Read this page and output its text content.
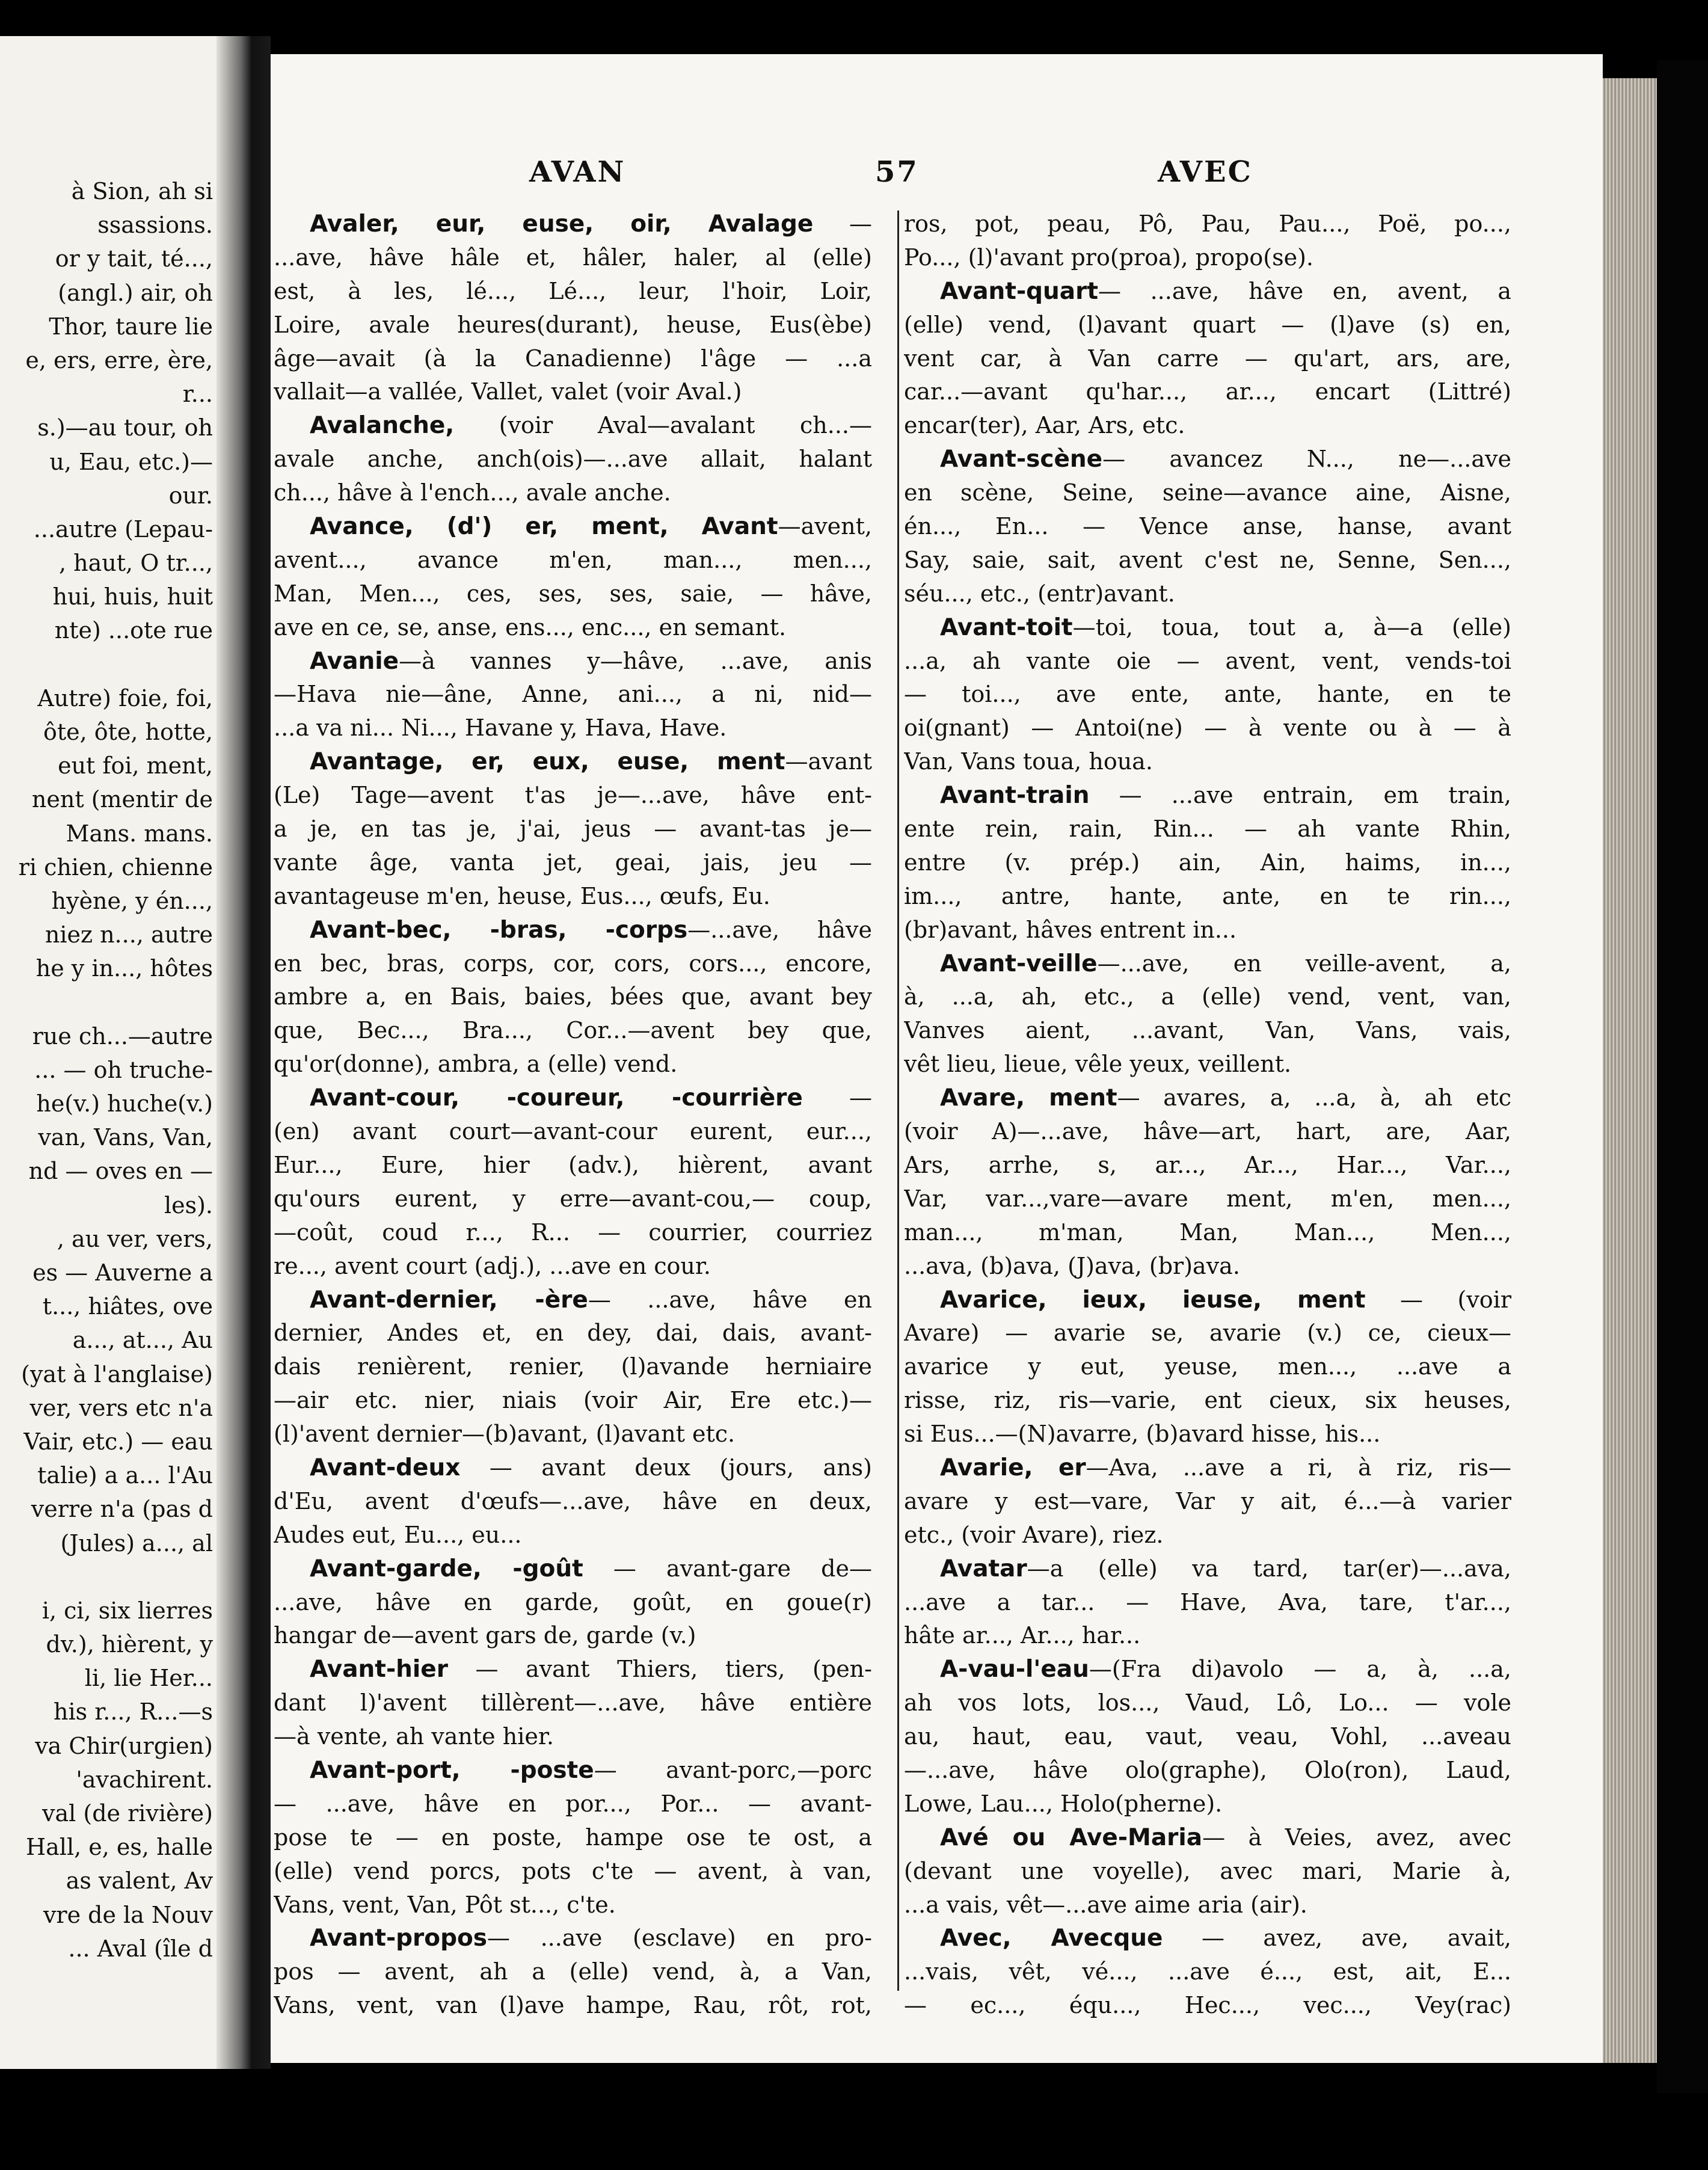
à Sion, ah si
ssassions.
or y tait, té...,
(angl.) air, oh
Thor, taure lie
e, ers, erre, ère,
r...
s.)—au tour, oh
u, Eau, etc.)—
our.
...autre (Lepau-
, haut, O tr...,
hui, huis, huit
nte) ...ote rue
Autre) foie, foi,
ôte, ôte, hotte,
eut foi, ment,
nent (mentir de
Mans. mans.
ri chien, chienne
hyène, y én...,
niez n..., autre
he y in..., hôtes
rue ch...—autre
... — oh truche-
he(v.) huche(v.)
van, Vans, Van,
nd — oves en —
les).
, au ver, vers,
es — Auverne a
t..., hiâtes, ove
a..., at..., Au
(yat à l'anglaise)
ver, vers etc n'a
Vair, etc.) — eau
talie) a a... l'Au
verre n'a (pas d
(Jules) a..., al
i, ci, six lierres
dv.), hièrent, y
li, lie Her...
his r..., R...—s
va Chir(urgien)
'avachirent.
val (de rivière)
Hall, e, es, halle
as valent, Av
vre de la Nouv
... Aval (île d
AVAN	57	AVEC
Avaler, eur, euse, oir, Avalage —
...ave, hâve hâle et, hâler, haler, al (elle)
est, à les, lé..., Lé..., leur, l'hoir, Loir,
Loire, avale heures(durant), heuse, Eus(èbe)
âge—avait (à la Canadienne) l'âge — ...a
vallait—a vallée, Vallet, valet (voir Aval.)
Avalanche, (voir Aval—avalant ch...—
avale anche, anch(ois)—...ave allait, halant
ch..., hâve à l'ench..., avale anche.
Avance, (d') er, ment, Avant—avent,
avent..., avance m'en, man..., men...,
Man, Men..., ces, ses, ses, saie, — hâve,
ave en ce, se, anse, ens..., enc..., en semant.
Avanie—à vannes y—hâve, ...ave, anis
—Hava nie—âne, Anne, ani..., a ni, nid—
...a va ni... Ni..., Havane y, Hava, Have.
Avantage, er, eux, euse, ment—avant
(Le) Tage—avent t'as je—...ave, hâve ent-
a je, en tas je, j'ai, jeus — avant-tas je—
vante âge, vanta jet, geai, jais, jeu —
avantageuse m'en, heuse, Eus..., œufs, Eu.
Avant-bec, -bras, -corps—...ave, hâve
en bec, bras, corps, cor, cors, cors..., encore,
ambre a, en Bais, baies, bées que, avant bey
que, Bec..., Bra..., Cor...—avent bey que,
qu'or(donne), ambra, a (elle) vend.
Avant-cour, -coureur, -courrière —
(en) avant court—avant-cour eurent, eur...,
Eur..., Eure, hier (adv.), hièrent, avant
qu'ours eurent, y erre—avant-cou,— coup,
—coût, coud r..., R... — courrier, courriez
re..., avent court (adj.), ...ave en cour.
Avant-dernier, -ère— ...ave, hâve en
dernier, Andes et, en dey, dai, dais, avant-
dais renièrent, renier, (l)avande herniaire
—air etc. nier, niais (voir Air, Ere etc.)—
(l)'avent dernier—(b)avant, (l)avant etc.
Avant-deux — avant deux (jours, ans)
d'Eu, avent d'œufs—...ave, hâve en deux,
Audes eut, Eu..., eu...
Avant-garde, -goût — avant-gare de—
...ave, hâve en garde, goût, en goue(r)
hangar de—avent gars de, garde (v.)
Avant-hier — avant Thiers, tiers, (pen-
dant l)'avent tillèrent—...ave, hâve entière
—à vente, ah vante hier.
Avant-port, -poste— avant-porc,—porc
— ...ave, hâve en por..., Por... — avant-
pose te — en poste, hampe ose te ost, a
(elle) vend porcs, pots c'te — avent, à van,
Vans, vent, Van, Pôt st..., c'te.
Avant-propos— ...ave (esclave) en pro-
pos — avent, ah a (elle) vend, à, a Van,
Vans, vent, van (l)ave hampe, Rau, rôt, rot,
ros, pot, peau, Pô, Pau, Pau..., Poë, po...,
Po..., (l)'avant pro(proa), propo(se).
Avant-quart— ...ave, hâve en, avent, a
(elle) vend, (l)avant quart — (l)ave (s) en,
vent car, à Van carre — qu'art, ars, are,
car...—avant qu'har..., ar..., encart (Littré)
encar(ter), Aar, Ars, etc.
Avant-scène— avancez N..., ne—...ave
en scène, Seine, seine—avance aine, Aisne,
én..., En... — Vence anse, hanse, avant
Say, saie, sait, avent c'est ne, Senne, Sen...,
séu..., etc., (entr)avant.
Avant-toit—toi, toua, tout a, à—a (elle)
...a, ah vante oie — avent, vent, vends-toi
— toi..., ave ente, ante, hante, en te
oi(gnant) — Antoi(ne) — à vente ou à — à
Van, Vans toua, houa.
Avant-train — ...ave entrain, em train,
ente rein, rain, Rin... — ah vante Rhin,
entre (v. prép.) ain, Ain, haims, in...,
im..., antre, hante, ante, en te rin...,
(br)avant, hâves entrent in...
Avant-veille—...ave, en veille-avent, a,
à, ...a, ah, etc., a (elle) vend, vent, van,
Vanves aient, ...avant, Van, Vans, vais,
vêt lieu, lieue, vêle yeux, veillent.
Avare, ment— avares, a, ...a, à, ah etc
(voir A)—...ave, hâve—art, hart, are, Aar,
Ars, arrhe, s, ar..., Ar..., Har..., Var...,
Var, var...,vare—avare ment, m'en, men...,
man..., m'man, Man, Man..., Men...,
...ava, (b)ava, (J)ava, (br)ava.
Avarice, ieux, ieuse, ment — (voir
Avare) — avarie se, avarie (v.) ce, cieux—
avarice y eut, yeuse, men..., ...ave a
risse, riz, ris—varie, ent cieux, six heuses,
si Eus...—(N)avarre, (b)avard hisse, his...
Avarie, er—Ava, ...ave a ri, à riz, ris—
avare y est—vare, Var y ait, é...—à varier
etc., (voir Avare), riez.
Avatar—a (elle) va tard, tar(er)—...ava,
...ave a tar... — Have, Ava, tare, t'ar...,
hâte ar..., Ar..., har...
A-vau-l'eau—(Fra di)avolo — a, à, ...a,
ah vos lots, los..., Vaud, Lô, Lo... — vole
au, haut, eau, vaut, veau, Vohl, ...aveau
—...ave, hâve olo(graphe), Olo(ron), Laud,
Lowe, Lau..., Holo(pherne).
Avé ou Ave-Maria— à Veies, avez, avec
(devant une voyelle), avec mari, Marie à,
...a vais, vêt—...ave aime aria (air).
Avec, Avecque — avez, ave, avait,
...vais, vêt, vé..., ...ave é..., est, ait, E...
— ec..., équ..., Hec..., vec..., Vey(rac)
